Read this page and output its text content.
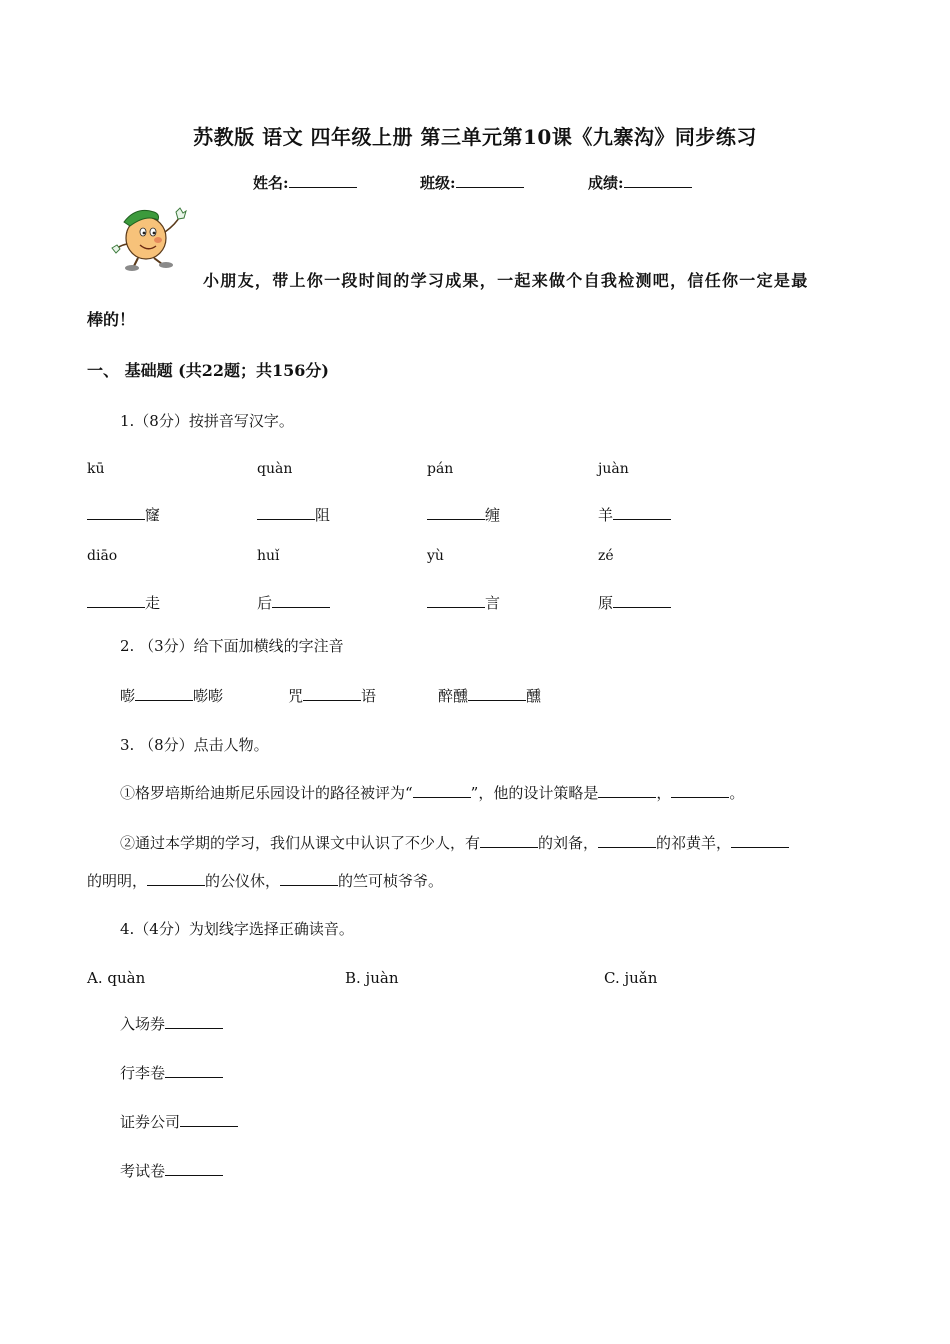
苏教版 语文 四年级上册 第三单元第10课《九寨沟》同步练习
姓名:	班级:	成绩:
小朋友，带上你一段时间的学习成果，一起来做个自我检测吧，信任你一定是最
棒的！
一、 基础题 (共22题；共156分)
1.（8分）按拼音写汉字。
kū	quàn	pán	juàn
窿	阻	缠	羊
diāo	huǐ	yù	zé
走	后	言	原
2. （3分）给下面加横线的字注音
嘭	嘭嘭	咒	语	醉醺	醺
3. （8分）点击人物。
①格罗培斯给迪斯尼乐园设计的路径被评为“	”，他的设计策略是	，	。
②通过本学期的学习，我们从课文中认识了不少人，有	的刘备，	的祁黄羊，
的明明，	的公仪休，	的竺可桢爷爷。
4.（4分）为划线字选择正确读音。
A. quàn	B. juàn	C. juǎn
入场券
行李卷
证券公司
考试卷
